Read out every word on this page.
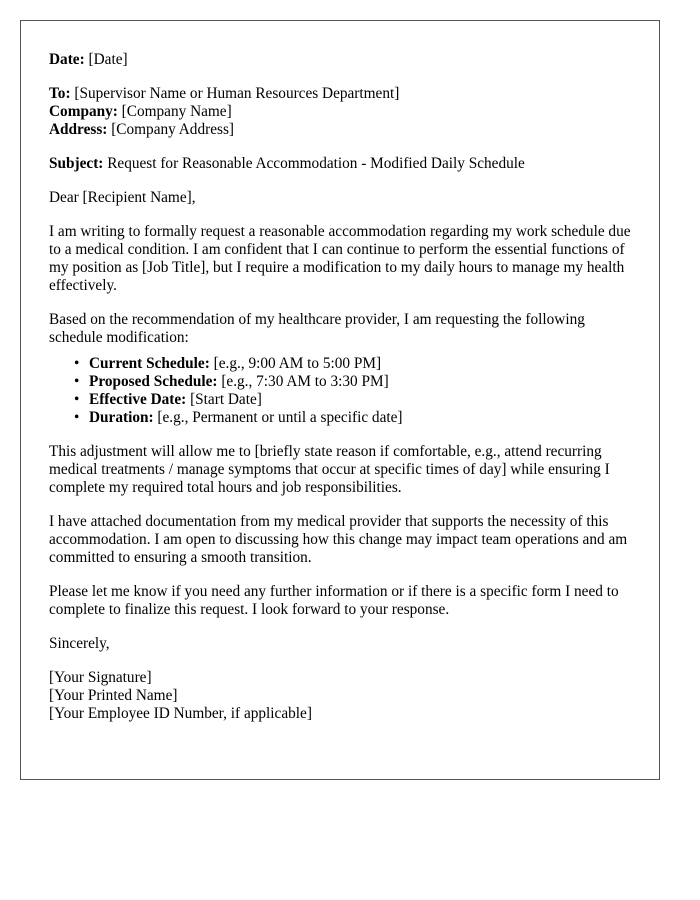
Date: [Date]
To: [Supervisor Name or Human Resources Department]
Company: [Company Name]
Address: [Company Address]
Subject: Request for Reasonable Accommodation - Modified Daily Schedule

Dear [Recipient Name],

I am writing to formally request a reasonable accommodation regarding my work schedule due to a medical condition. I am confident that I can continue to perform the essential functions of my position as [Job Title], but I require a modification to my daily hours to manage my health effectively.

Based on the recommendation of my healthcare provider, I am requesting the following schedule modification:

• Current Schedule: [e.g., 9:00 AM to 5:00 PM]
• Proposed Schedule: [e.g., 7:30 AM to 3:30 PM]
• Effective Date: [Start Date]
• Duration: [e.g., Permanent or until a specific date]

This adjustment will allow me to [briefly state reason if comfortable, e.g., attend recurring medical treatments / manage symptoms that occur at specific times of day] while ensuring I complete my required total hours and job responsibilities.

I have attached documentation from my medical provider that supports the necessity of this accommodation. I am open to discussing how this change may impact team operations and am committed to ensuring a smooth transition.

Please let me know if you need any further information or if there is a specific form I need to complete to finalize this request. I look forward to your response.

Sincerely,

[Your Signature]
[Your Printed Name]
[Your Employee ID Number, if applicable]
